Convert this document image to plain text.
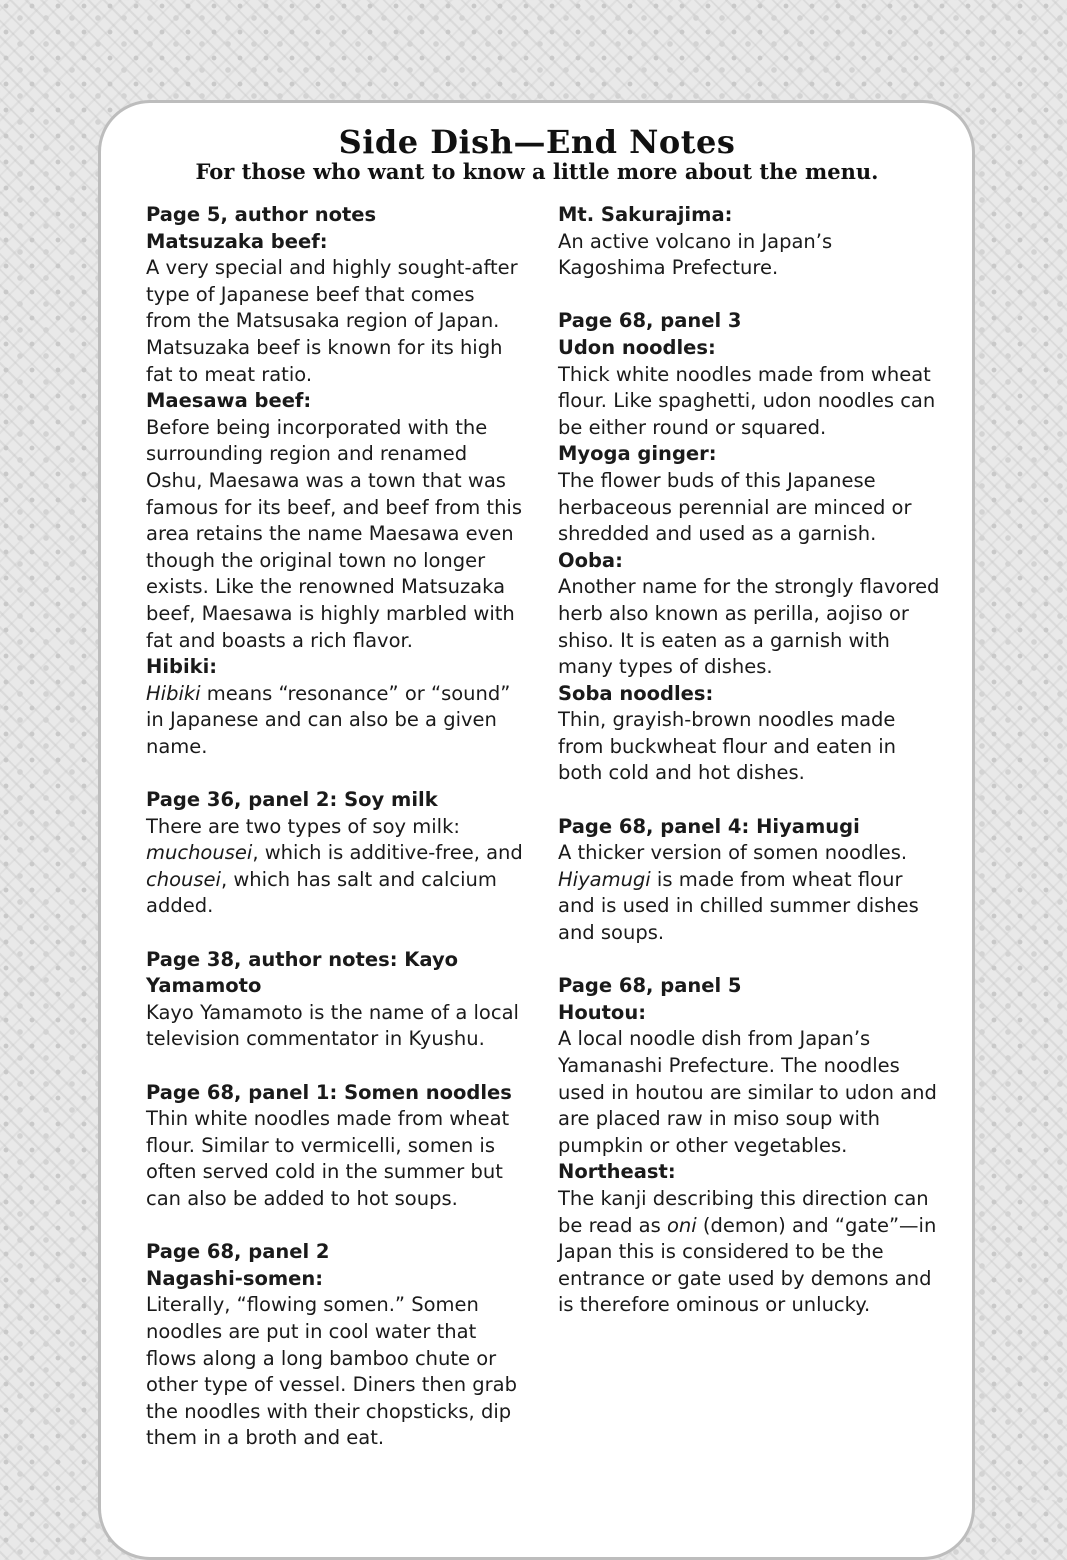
Side Dish—End Notes
For those who want to know a little more about the menu.
Page 5, author notes
Matsuzaka beef:
A very special and highly sought-after type of Japanese beef that comes from the Matsusaka region of Japan. Matsuzaka beef is known for its high fat to meat ratio.
Maesawa beef:
Before being incorporated with the surrounding region and renamed Oshu, Maesawa was a town that was famous for its beef, and beef from this area retains the name Maesawa even though the original town no longer exists. Like the renowned Matsuzaka beef, Maesawa is highly marbled with fat and boasts a rich flavor.
Hibiki:
Hibiki means “resonance” or “sound” in Japanese and can also be a given name.
Page 36, panel 2: Soy milk
There are two types of soy milk: muchousei, which is additive-free, and chousei, which has salt and calcium added.
Page 38, author notes: Kayo Yamamoto
Kayo Yamamoto is the name of a local television commentator in Kyushu.
Page 68, panel 1: Somen noodles
Thin white noodles made from wheat flour. Similar to vermicelli, somen is often served cold in the summer but can also be added to hot soups.
Page 68, panel 2
Nagashi-somen:
Literally, “flowing somen.” Somen noodles are put in cool water that flows along a long bamboo chute or other type of vessel. Diners then grab the noodles with their chopsticks, dip them in a broth and eat.
Mt. Sakurajima:
An active volcano in Japan’s Kagoshima Prefecture.
Page 68, panel 3
Udon noodles:
Thick white noodles made from wheat flour. Like spaghetti, udon noodles can be either round or squared.
Myoga ginger:
The flower buds of this Japanese herbaceous perennial are minced or shredded and used as a garnish.
Ooba:
Another name for the strongly flavored herb also known as perilla, aojiso or shiso. It is eaten as a garnish with many types of dishes.
Soba noodles:
Thin, grayish-brown noodles made from buckwheat flour and eaten in both cold and hot dishes.
Page 68, panel 4: Hiyamugi
A thicker version of somen noodles. Hiyamugi is made from wheat flour and is used in chilled summer dishes and soups.
Page 68, panel 5
Houtou:
A local noodle dish from Japan’s Yamanashi Prefecture. The noodles used in houtou are similar to udon and are placed raw in miso soup with pumpkin or other vegetables.
Northeast:
The kanji describing this direction can be read as oni (demon) and “gate”—in Japan this is considered to be the entrance or gate used by demons and is therefore ominous or unlucky.
